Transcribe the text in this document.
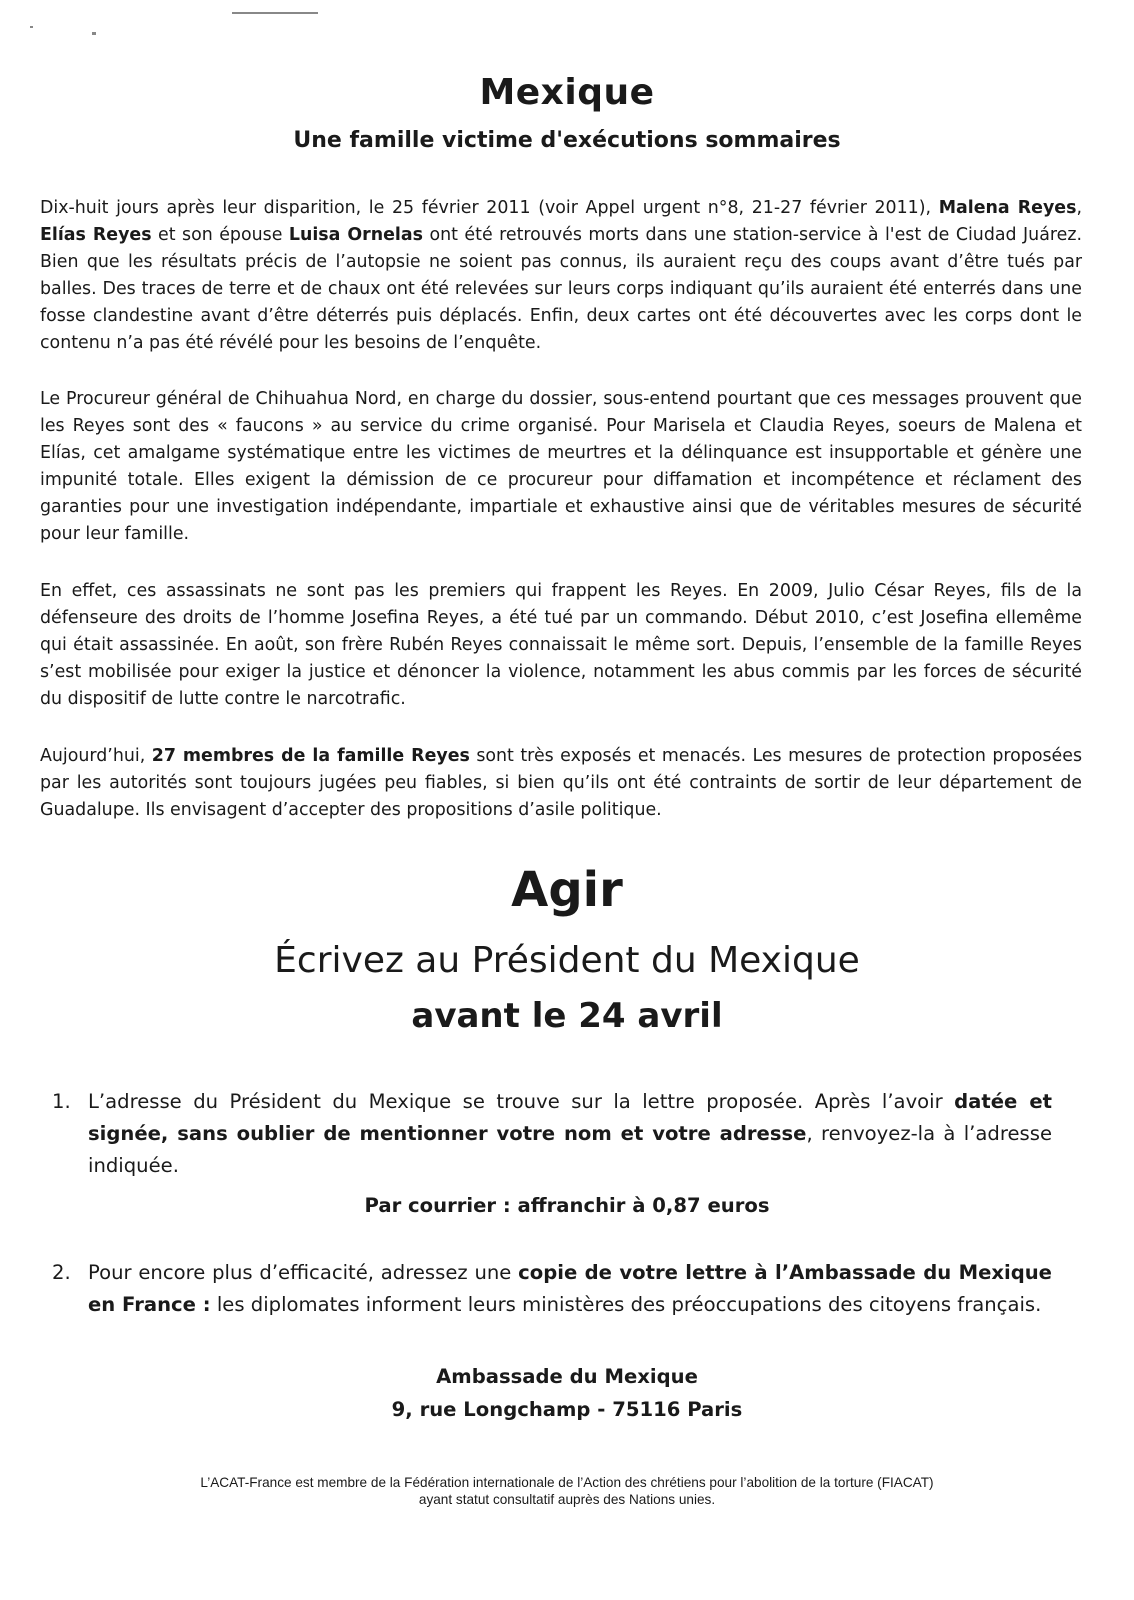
Mexique
Une famille victime d'exécutions sommaires

Dix-huit jours après leur disparition, le 25 février 2011 (voir Appel urgent n°8, 21-27 février 2011), Malena Reyes, Elías Reyes et son épouse Luisa Ornelas ont été retrouvés morts dans une station-service à l'est de Ciudad Juárez. Bien que les résultats précis de l’autopsie ne soient pas connus, ils auraient reçu des coups avant d’être tués par balles. Des traces de terre et de chaux ont été relevées sur leurs corps indiquant qu’ils auraient été enterrés dans une fosse clandestine avant d’être déterrés puis déplacés. Enfin, deux cartes ont été découvertes avec les corps dont le contenu n’a pas été révélé pour les besoins de l’enquête.

Le Procureur général de Chihuahua Nord, en charge du dossier, sous-entend pourtant que ces messages prouvent que les Reyes sont des « faucons » au service du crime organisé. Pour Marisela et Claudia Reyes, soeurs de Malena et Elías, cet amalgame systématique entre les victimes de meurtres et la délinquance est insupportable et génère une impunité totale. Elles exigent la démission de ce procureur pour diffamation et incompétence et réclament des garanties pour une investigation indépendante, impartiale et exhaustive ainsi que de véritables mesures de sécurité pour leur famille.

En effet, ces assassinats ne sont pas les premiers qui frappent les Reyes. En 2009, Julio César Reyes, fils de la défenseure des droits de l’homme Josefina Reyes, a été tué par un commando. Début 2010, c’est Josefina ellemême qui était assassinée. En août, son frère Rubén Reyes connaissait le même sort. Depuis, l’ensemble de la famille Reyes s’est mobilisée pour exiger la justice et dénoncer la violence, notamment les abus commis par les forces de sécurité du dispositif de lutte contre le narcotrafic.

Aujourd’hui, 27 membres de la famille Reyes sont très exposés et menacés. Les mesures de protection proposées par les autorités sont toujours jugées peu fiables, si bien qu’ils ont été contraints de sortir de leur département de Guadalupe. Ils envisagent d’accepter des propositions d’asile politique.

Agir
Écrivez au Président du Mexique
avant le 24 avril
1. L’adresse du Président du Mexique se trouve sur la lettre proposée. Après l’avoir datée et signée, sans oublier de mentionner votre nom et votre adresse, renvoyez-la à l’adresse indiquée.
Par courrier : affranchir à 0,87 euros
2. Pour encore plus d’efficacité, adressez une copie de votre lettre à l’Ambassade du Mexique en France : les diplomates informent leurs ministères des préoccupations des citoyens français.
Ambassade du Mexique
9, rue Longchamp - 75116 Paris
L’ACAT-France est membre de la Fédération internationale de l’Action des chrétiens pour l’abolition de la torture (FIACAT)
ayant statut consultatif auprès des Nations unies.
